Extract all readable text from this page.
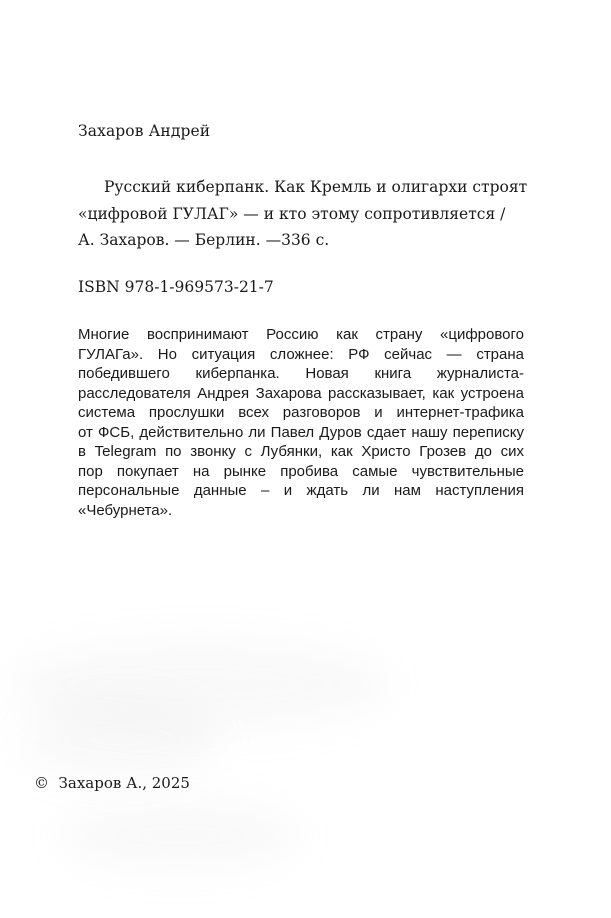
Захаров Андрей
Русский киберпанк. Как Кремль и олигархи строят
«цифровой ГУЛАГ» — и кто этому сопротивляется /
А. Захаров. — Берлин. —336 с.
ISBN 978-1-969573-21-7
Многие воспринимают Россию как страну «цифрового
ГУЛАГа». Но ситуация сложнее: РФ сейчас — страна
победившего киберпанка. Новая книга журналиста-
расследователя Андрея Захарова рассказывает, как устроена
система прослушки всех разговоров и интернет-трафика
от ФСБ, действительно ли Павел Дуров сдает нашу переписку
в Telegram по звонку с Лубянки, как Христо Грозев до сих
пор покупает на рынке пробива самые чувствительные
персональные данные – и ждать ли нам наступления
«Чебурнета».
© Захаров А., 2025
